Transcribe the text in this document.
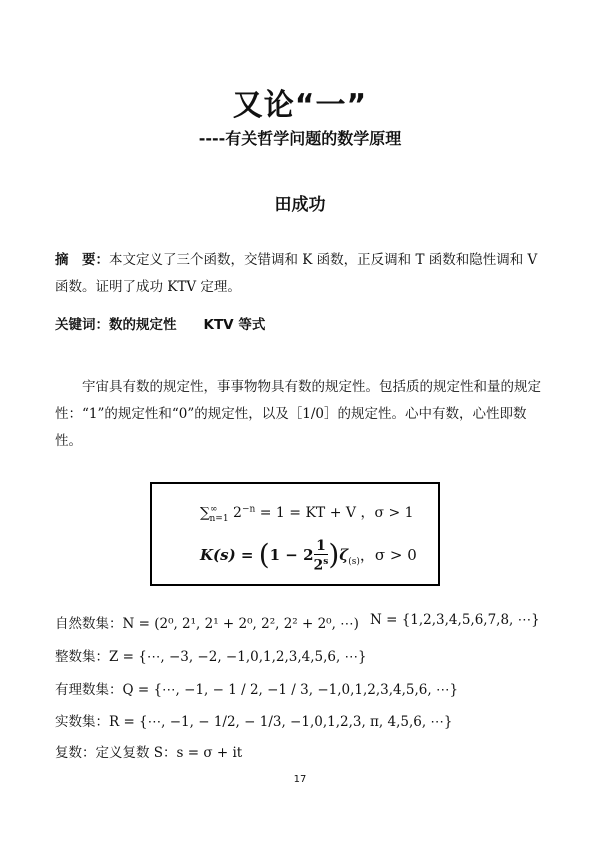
又论“一”
----有关哲学问题的数学原理
田成功
摘　要：本文定义了三个函数，交错调和 K 函数，正反调和 T 函数和隐性调和 V 函数。证明了成功 KTV 定理。
关键词：数的规定性　　KTV 等式
宇宙具有数的规定性，事事物物具有数的规定性。包括质的规定性和量的规定性：“1”的规定性和“0”的规定性，以及［1/0］的规定性。心中有数，心性即数性。
$\sum^\infty_{n=1}$ $2^{-n} = 1$ = KT + V ，σ > 1
$K(s) = (1 - 2 \frac{1}{2^s} )\zeta_{(s)}$，σ > 0
自然数集：N = (2⁰, 2¹, 2¹ + 2⁰, 2², 2² + 2⁰, ⋯) N = {1,2,3,4,5,6,7,8, ⋯}
整数集：Z = {⋯, −3, −2, −1,0,1,2,3,4,5,6, ⋯}
有理数集：Q = {⋯, −1, − 1 / 2, −1 / 3, −1,0,1,2,3,4,5,6, ⋯}
实数集：R = {⋯, −1, − 1/2, − 1/3, −1,0,1,2,3, π, 4,5,6, ⋯}
复数：定义复数 S：s = σ + it
17
